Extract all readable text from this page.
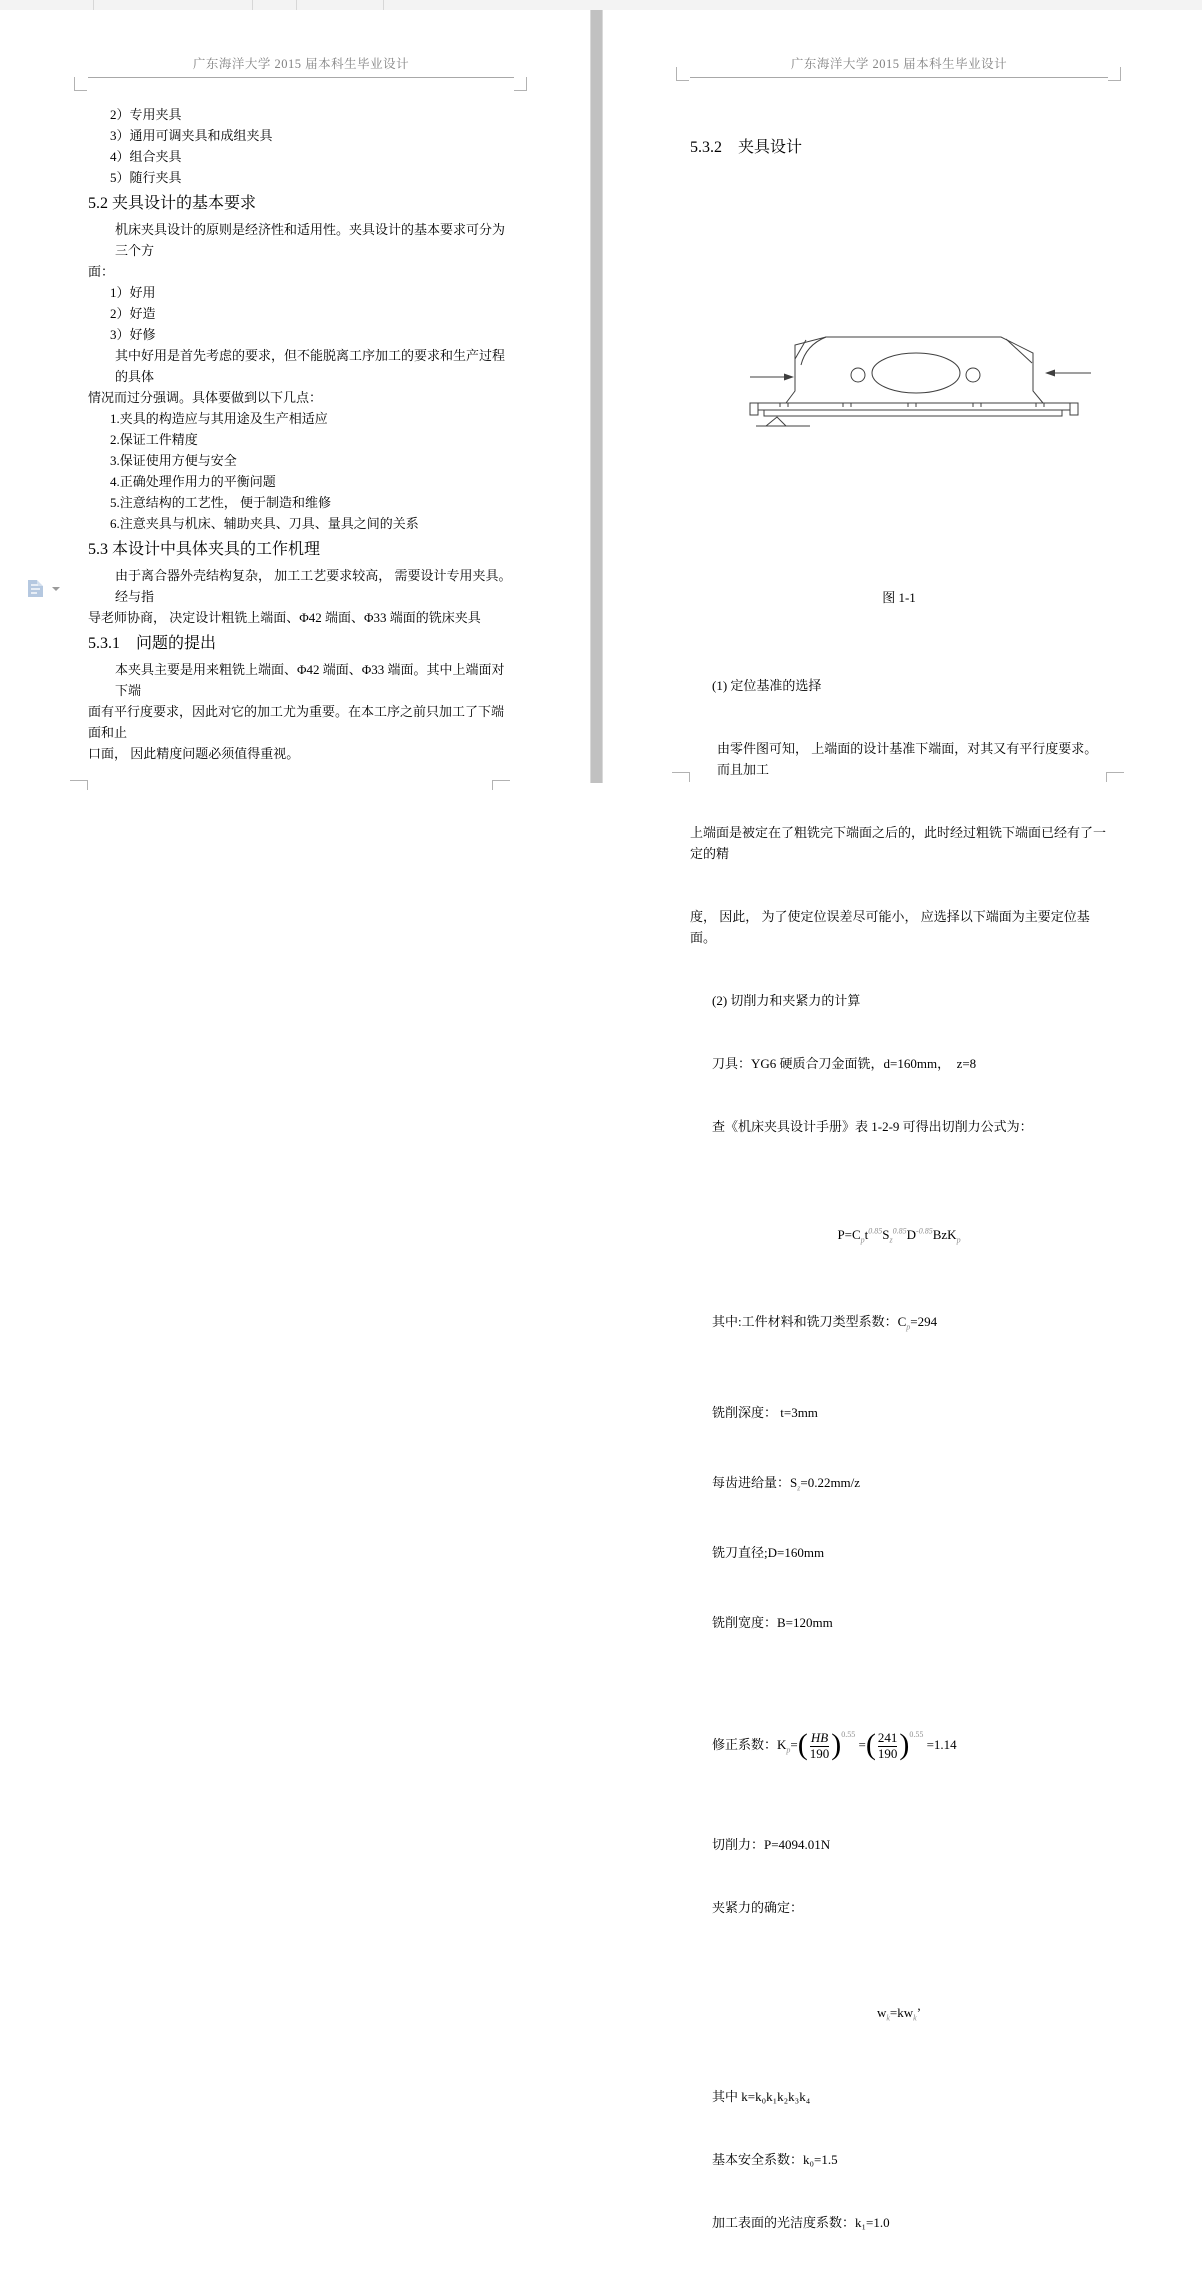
广东海洋大学 2015 届本科生毕业设计

2）专用夹具

3）通用可调夹具和成组夹具

4）组合夹具

5）随行夹具

5.2 夹具设计的基本要求

机床夹具设计的原则是经济性和适用性。夹具设计的基本要求可分为三个方

面：

1）好用

2）好造

3）好修

其中好用是首先考虑的要求，但不能脱离工序加工的要求和生产过程的具体

情况而过分强调。具体要做到以下几点：

1.夹具的构造应与其用途及生产相适应

2.保证工件精度

3.保证使用方便与安全

4.正确处理作用力的平衡问题

5.注意结构的工艺性， 便于制造和维修

6.注意夹具与机床、辅助夹具、刀具、量具之间的关系

5.3 本设计中具体夹具的工作机理

由于离合器外壳结构复杂， 加工工艺要求较高， 需要设计专用夹具。经与指

导老师协商， 决定设计粗铣上端面、Φ42 端面、Φ33 端面的铣床夹具

5.3.1　问题的提出

本夹具主要是用来粗铣上端面、Φ42 端面、Φ33 端面。其中上端面对下端

面有平行度要求，因此对它的加工尤为重要。在本工序之前只加工了下端面和止

口面， 因此精度问题必须值得重视。

广东海洋大学 2015 届本科生毕业设计

5.3.2　夹具设计

图 1-1

(1) 定位基准的选择

由零件图可知， 上端面的设计基准下端面，对其又有平行度要求。而且加工

上端面是被定在了粗铣完下端面之后的，此时经过粗铣下端面已经有了一定的精

度， 因此， 为了使定位误差尽可能小， 应选择以下端面为主要定位基面。

(2) 切削力和夹紧力的计算

刀具：YG6 硬质合刀金面铣，d=160mm，  z=8

查《机床夹具设计手册》表 1-2-9 可得出切削力公式为：

$P=C_pt^{0.85}S_z^{0.85}D^{-0.85}BzK_p$

其中:工件材料和铣刀类型系数：$C_p=294$

铣削深度： t=3mm

每齿进给量：$S_z=0.22mm/z$

铣刀直径;D=160mm

铣削宽度：B=120mm

修正系数：$K_p=( \frac{HB}{190} )^{0.55}$ =( $\frac{241}{190} )^{0.55} =1.14$

切削力：P=4094.01N

夹紧力的确定：

$w_k=kw_k$’

其中 k=k₀k₁k₂k₃k₄

基本安全系数：k₀=1.5

加工表面的光洁度系数：k₁=1.0
